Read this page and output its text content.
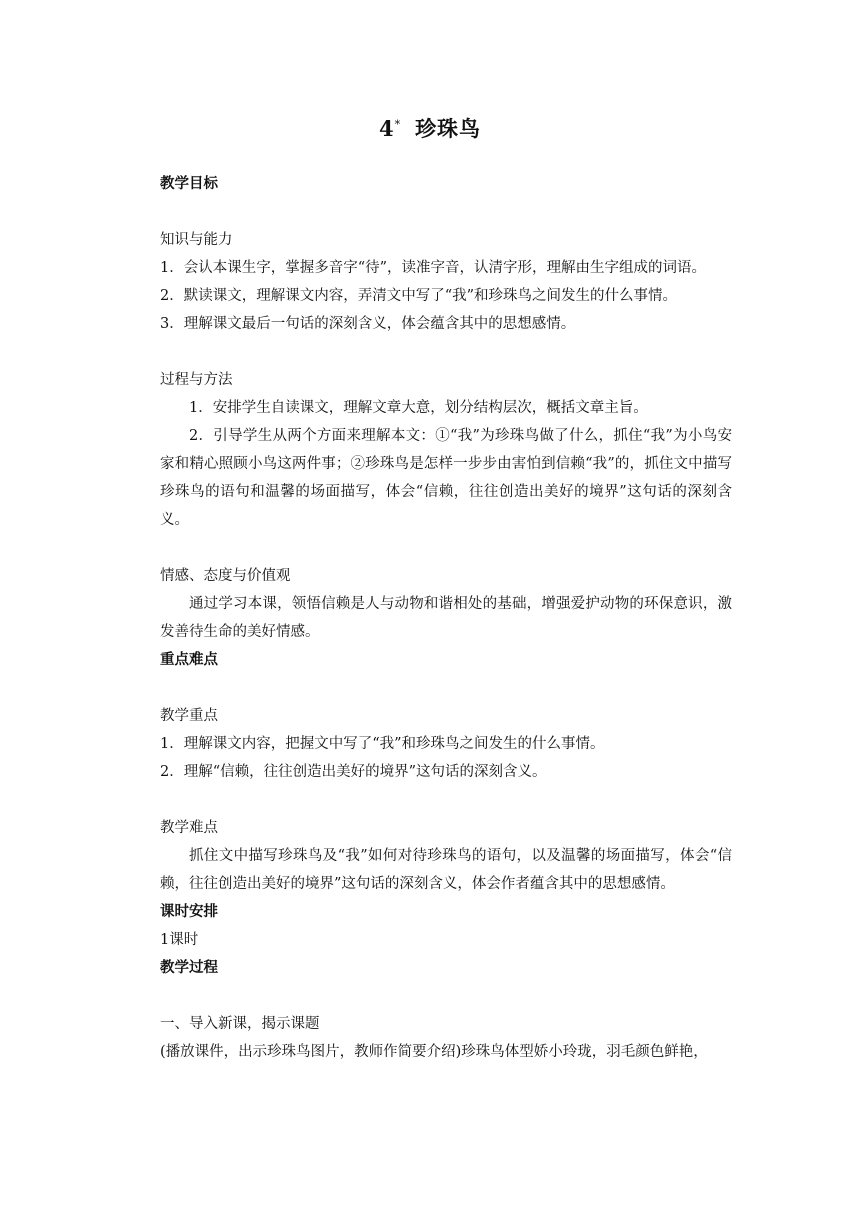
4* 珍珠鸟

教学目标

知识与能力

1．会认本课生字，掌握多音字“待”，读准字音，认清字形，理解由生字组成的词语。

2．默读课文，理解课文内容，弄清文中写了“我”和珍珠鸟之间发生的什么事情。

3．理解课文最后一句话的深刻含义，体会蕴含其中的思想感情。

过程与方法

1．安排学生自读课文，理解文章大意，划分结构层次，概括文章主旨。

2．引导学生从两个方面来理解本文：①“我”为珍珠鸟做了什么，抓住“我”为小鸟安家和精心照顾小鸟这两件事；②珍珠鸟是怎样一步步由害怕到信赖“我”的，抓住文中描写珍珠鸟的语句和温馨的场面描写，体会“信赖，往往创造出美好的境界”这句话的深刻含义。

情感、态度与价值观

通过学习本课，领悟信赖是人与动物和谐相处的基础，增强爱护动物的环保意识，激发善待生命的美好情感。

重点难点

教学重点

1．理解课文内容，把握文中写了“我”和珍珠鸟之间发生的什么事情。

2．理解“信赖，往往创造出美好的境界”这句话的深刻含义。

教学难点

抓住文中描写珍珠鸟及“我”如何对待珍珠鸟的语句，以及温馨的场面描写，体会“信赖，往往创造出美好的境界”这句话的深刻含义，体会作者蕴含其中的思想感情。

课时安排

1课时

教学过程

一、导入新课，揭示课题

(播放课件，出示珍珠鸟图片，教师作简要介绍)珍珠鸟体型娇小玲珑，羽毛颜色鲜艳，
